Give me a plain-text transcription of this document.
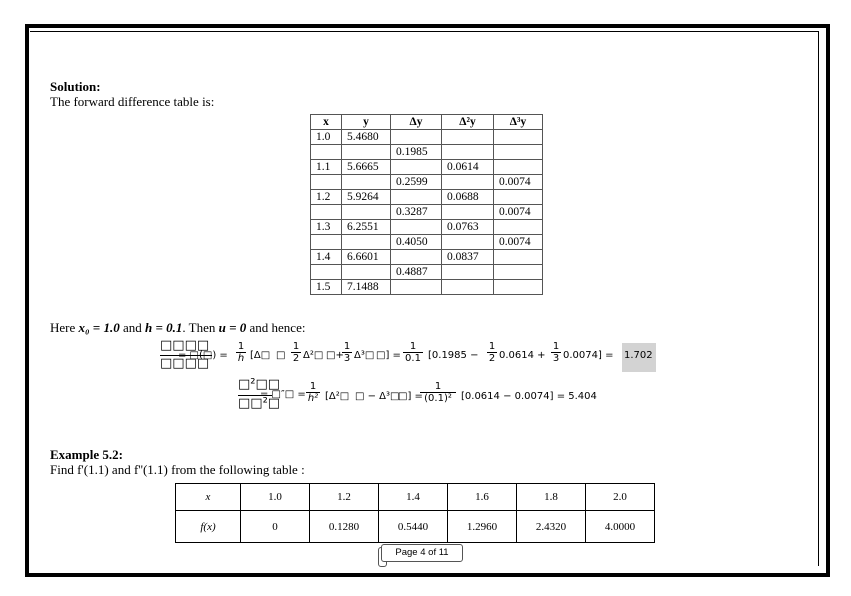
Solution:
The forward difference table is:
x	y	Δy	Δ²y	Δ³y
1.0	5.4680			
		0.1985		
1.1	5.6665		0.0614	
		0.2599		0.0074
1.2	5.9264		0.0688	
		0.3287		0.0074
1.3	6.2551		0.0763	
		0.4050		0.0074
1.4	6.6601		0.0837	
		0.4887		
1.5	7.1488			
Here x₀ = 1.0 and h = 0.1. Then u = 0 and hence:
□□□□
□□□□
= □(□) = $\frac{1}{h}$ [Δ□ □ $\frac{1}{2}$ Δ²□ □+
$\frac{1}{3}$ Δ³□ □] = $\frac{1}{0.1} [0.1985 - \frac{1}{2} 0.0614 + \frac{1}{3} 0.0074] = 1.702$
□²□□
□□²□
= □″□ = $\frac{1}{\text{h²}}$ [Δ²□ □ − Δ³□
□] =
$\frac{1}{\text{(0.1)²}} [0.0614 - 0.0074] = 5.404$
Example 5.2:
Find f'(1.1) and f''(1.1) from the following table :
x	1.0	1.2	1.4	1.6	1.8	2.0
f(x)	0	0.1280	0.5440	1.2960	2.4320	4.0000
Page 4 of 11
